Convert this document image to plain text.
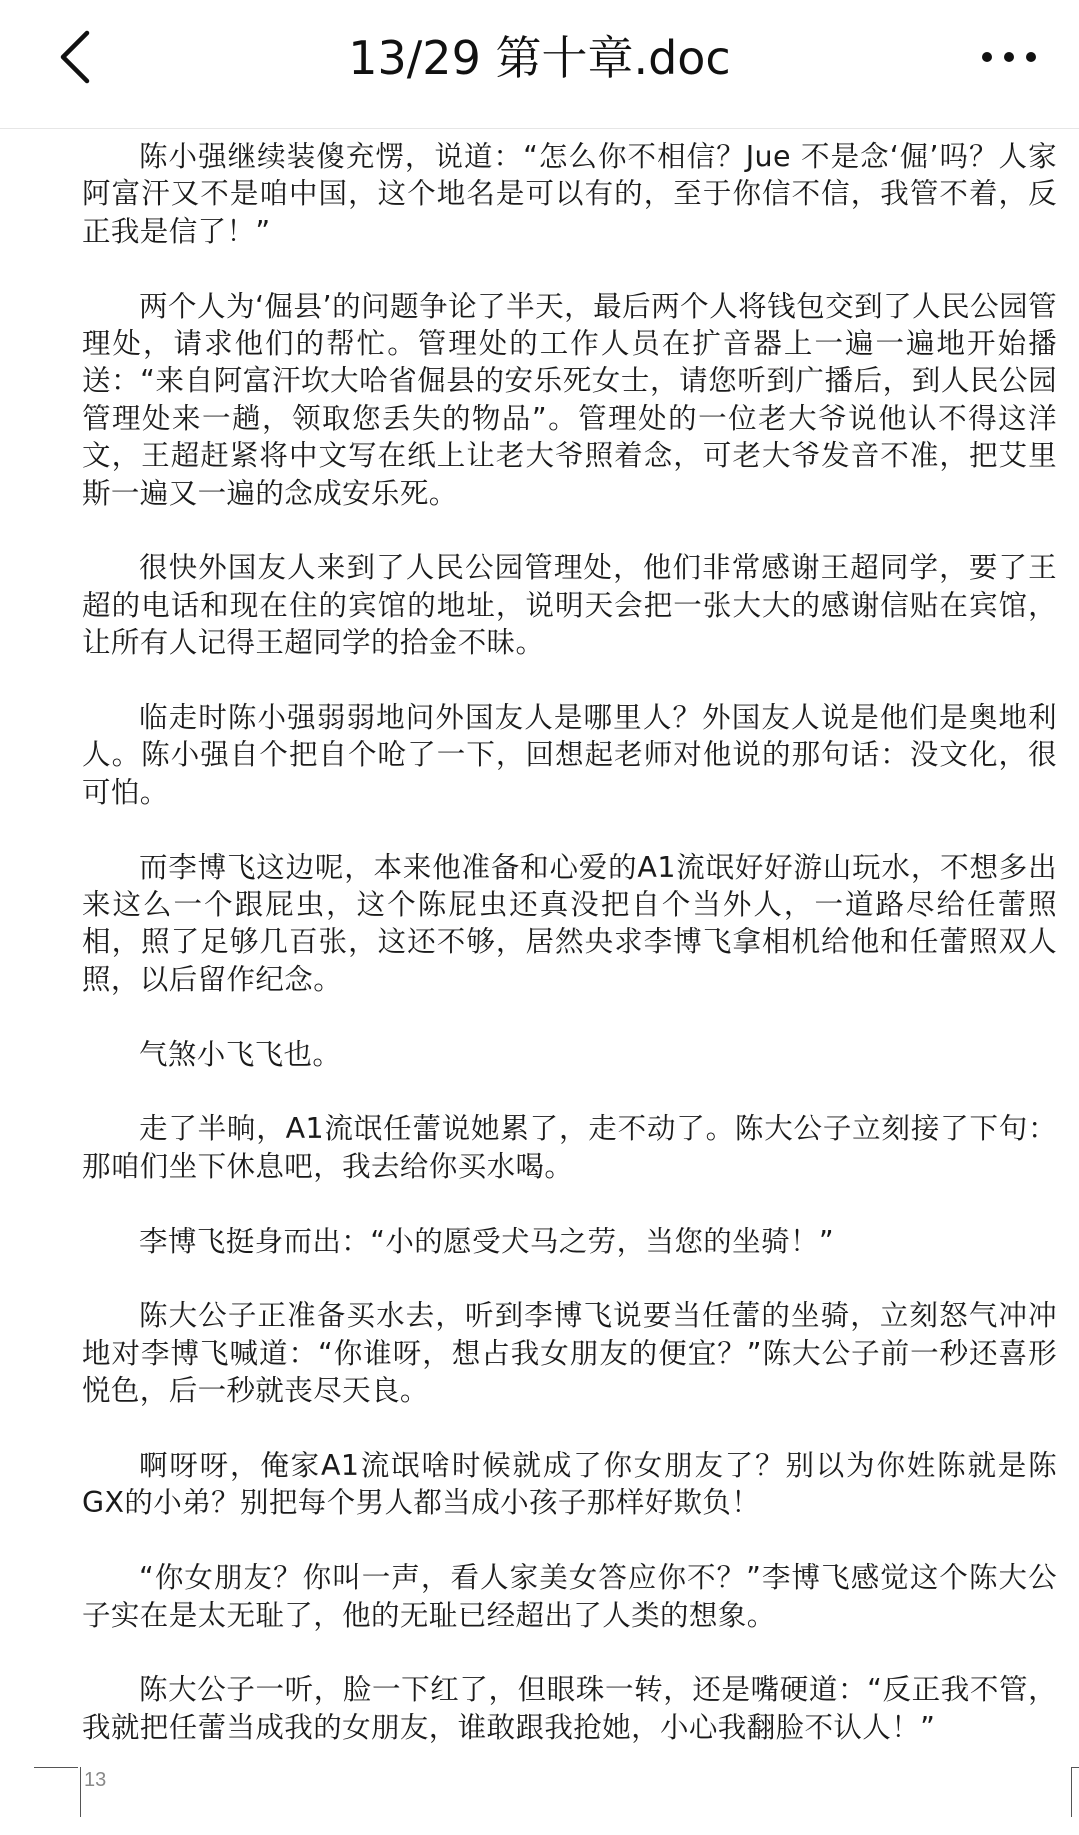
13/29 第十章.doc

陈小强继续装傻充愣，说道：“怎么你不相信？Jue 不是念‘倔’吗？人家阿富汗又不是咱中国，这个地名是可以有的，至于你信不信，我管不着，反正我是信了！”

两个人为‘倔县’的问题争论了半天，最后两个人将钱包交到了人民公园管理处，请求他们的帮忙。管理处的工作人员在扩音器上一遍一遍地开始播送：“来自阿富汗坎大哈省倔县的安乐死女士，请您听到广播后，到人民公园管理处来一趟，领取您丢失的物品”。管理处的一位老大爷说他认不得这洋文，王超赶紧将中文写在纸上让老大爷照着念，可老大爷发音不准，把艾里斯一遍又一遍的念成安乐死。

很快外国友人来到了人民公园管理处，他们非常感谢王超同学，要了王超的电话和现在住的宾馆的地址，说明天会把一张大大的感谢信贴在宾馆，让所有人记得王超同学的拾金不昧。

临走时陈小强弱弱地问外国友人是哪里人？外国友人说是他们是奥地利人。陈小强自个把自个呛了一下，回想起老师对他说的那句话：没文化，很可怕。

而李博飞这边呢，本来他准备和心爱的A1流氓好好游山玩水，不想多出来这么一个跟屁虫，这个陈屁虫还真没把自个当外人，一道路尽给任蕾照相，照了足够几百张，这还不够，居然央求李博飞拿相机给他和任蕾照双人照，以后留作纪念。

气煞小飞飞也。

走了半晌，A1流氓任蕾说她累了，走不动了。陈大公子立刻接了下句：那咱们坐下休息吧，我去给你买水喝。

李博飞挺身而出：“小的愿受犬马之劳，当您的坐骑！”

陈大公子正准备买水去，听到李博飞说要当任蕾的坐骑，立刻怒气冲冲地对李博飞喊道：“你谁呀，想占我女朋友的便宜？”陈大公子前一秒还喜形悦色，后一秒就丧尽天良。

啊呀呀，俺家A1流氓啥时候就成了你女朋友了？别以为你姓陈就是陈GX的小弟？别把每个男人都当成小孩子那样好欺负！

“你女朋友？你叫一声，看人家美女答应你不？”李博飞感觉这个陈大公子实在是太无耻了，他的无耻已经超出了人类的想象。

陈大公子一听，脸一下红了，但眼珠一转，还是嘴硬道：“反正我不管，我就把任蕾当成我的女朋友，谁敢跟我抢她，小心我翻脸不认人！”

13
